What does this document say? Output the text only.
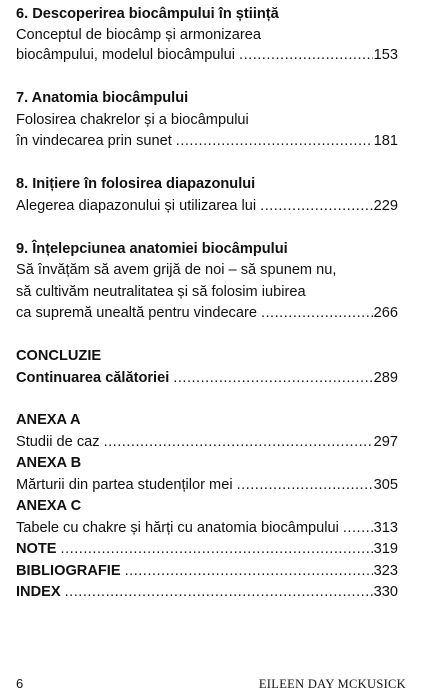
6. Descoperirea biocâmpului în știință
Conceptul de biocâmp și armonizarea
biocâmpului, modelul biocâmpului .....	153
7. Anatomia biocâmpului
Folosirea chakrelor și a biocâmpului
în vindecarea prin sunet .....	181
8. Inițiere în folosirea diapazonului
Alegerea diapazonului și utilizarea lui .....	229
9. Înțelepciunea anatomiei biocâmpului
Să învățăm să avem grijă de noi – să spunem nu,
să cultivăm neutralitatea și să folosim iubirea
ca supremă unealtă pentru vindecare .....	266
CONCLUZIE
Continuarea călătoriei .....	289
ANEXA A
Studii de caz .....	297
ANEXA B
Mărturii din partea studenților mei .....	305
ANEXA C
Tabele cu chakre și hărți cu anatomia biocâmpului ..... 313
NOTE .....	319
BIBLIOGRAFIE .....	323
INDEX .....	330
6	EILEEN DAY MCKUSICK
